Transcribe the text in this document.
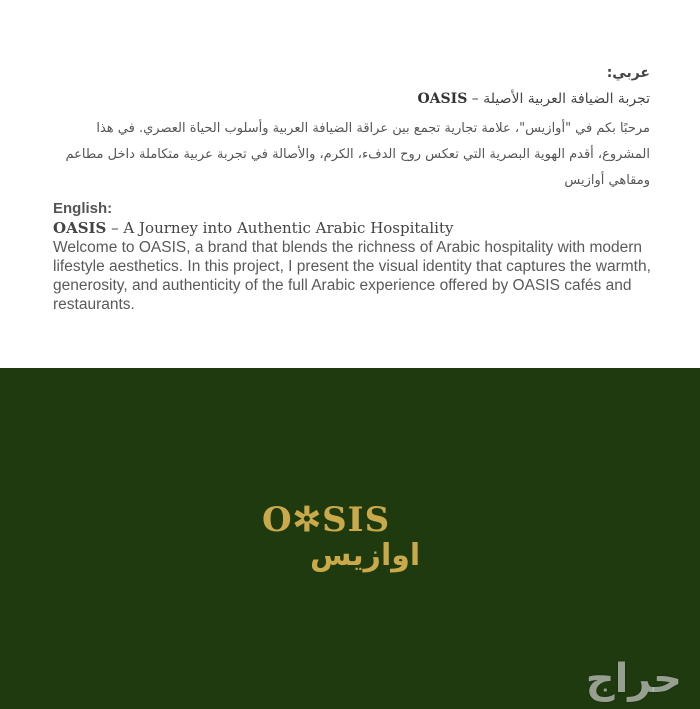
عربي:

تجربة الضيافة العربية الأصيلة – OASIS

مرحبًا بكم في "أوازيس"، علامة تجارية تجمع بين عراقة الضيافة العربية وأسلوب الحياة العصري. في هذا المشروع، أقدم الهوية البصرية التي تعكس روح الدفء، الكرم، والأصالة في تجربة عربية متكاملة داخل مطاعم ومقاهي أوازيس

English:

OASIS – A Journey into Authentic Arabic Hospitality

Welcome to OASIS, a brand that blends the richness of Arabic hospitality with modern lifestyle aesthetics. In this project, I present the visual identity that captures the warmth, generosity, and authenticity of the full Arabic experience offered by OASIS cafés and restaurants.

O✲SIS
اوازيس
حراج
